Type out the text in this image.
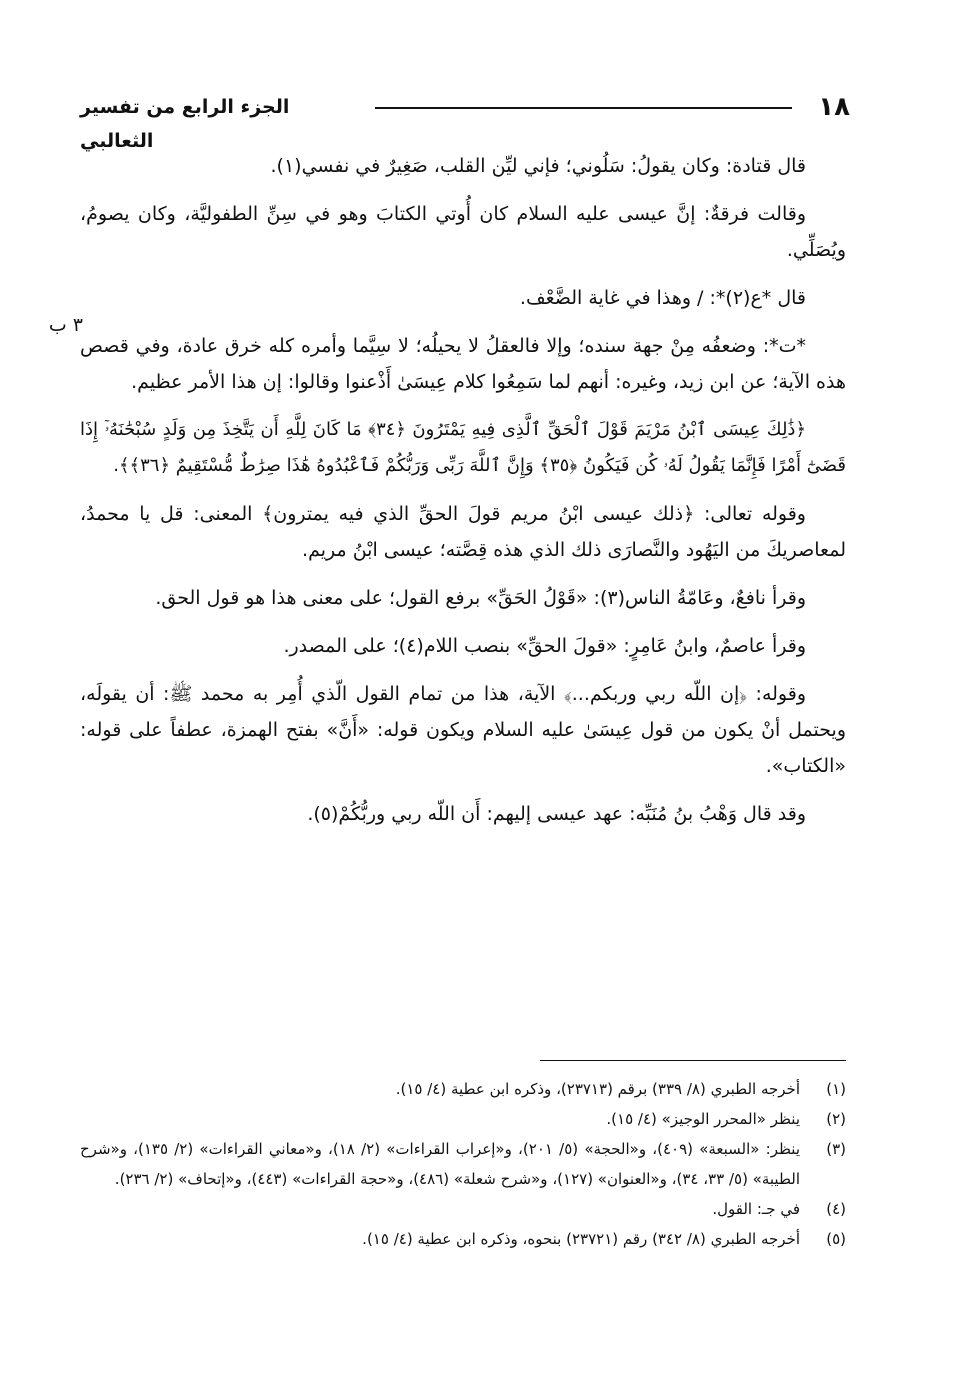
١٨
الجزء الرابع من تفسير الثعالبي
٣ ب

قال قتادة: وكان يقولُ: سَلُوني؛ فإني ليِّن القلب، صَغِيرٌ في نفسي(١).

وقالت فرقةٌ: إنَّ عيسى عليه السلام كان أُوتي الكتابَ وهو في سِنِّ الطفوليَّة، وكان يصومُ، ويُصَلِّي.

قال *ع(٢)*: / وهذا في غاية الضَّعْف.

*ت*: وضعفُه مِنْ جهة سنده؛ وإلا فالعقلُ لا يحيلُه؛ لا سِيَّما وأمره كله خرق عادة، وفي قصص هذه الآية؛ عن ابن زيد، وغيره: أنهم لما سَمِعُوا كلام عِيسَىٰ أَذْعنوا وقالوا: إن هذا الأمر عظيم.

﴿ذَٰلِكَ عِيسَى ٱبْنُ مَرْيَمَ قَوْلَ ٱلْحَقِّ ٱلَّذِى فِيهِ يَمْتَرُونَ ﴿٣٤﴾ مَا كَانَ لِلَّهِ أَن يَتَّخِذَ مِن وَلَدٍ سُبْحَٰنَهُۥٓ إِذَا قَضَىٰٓ أَمْرًا فَإِنَّمَا يَقُولُ لَهُۥ كُن فَيَكُونُ ﴿٣٥﴾ وَإِنَّ ٱللَّهَ رَبِّى وَرَبُّكُمْ فَٱعْبُدُوهُ هَٰذَا صِرَٰطٌ مُّسْتَقِيمٌ ﴿٣٦﴾﴾.

وقوله تعالى: ﴿ذلك عيسى ابْنُ مريم قولَ الحقِّ الذي فيه يمترون﴾ المعنى: قل يا محمدُ، لمعاصريكَ من اليَهُود والنَّصارَى ذلك الذي هذه قِصَّته؛ عيسى ابْنُ مريم.

وقرأ نافعٌ، وعَامّةُ الناس(٣): «قَوْلُ الحَقِّ» برفع القول؛ على معنى هذا هو قول الحق.

وقرأ عاصمٌ، وابنُ عَامِرٍ: «قولَ الحقِّ» بنصب اللام(٤)؛ على المصدر.

وقوله: ﴿إن اللّه ربي وربكم...﴾ الآية، هذا من تمام القول الّذي أُمِر به محمد ﷺ: أن يقولَه، ويحتمل أنْ يكون من قول عِيسَىٰ عليه السلام ويكون قوله: «أَنَّ» بفتح الهمزة، عطفاً على قوله: «الكتاب».

وقد قال وَهْبُ بنُ مُنَبِّه: عهد عيسى إليهم: أَن اللّه ربي وربُّكُمْ(٥).

(١)
أخرجه الطبري (٨/ ٣٣٩) برقم (٢٣٧١٣)، وذكره ابن عطية (٤/ ١٥).
(٢)
ينظر «المحرر الوجيز» (٤/ ١٥).
(٣)
ينظر: «السبعة» (٤٠٩)، و«الحجة» (٥/ ٢٠١)، و«إعراب القراءات» (٢/ ١٨)، و«معاني القراءات» (٢/ ١٣٥)، و«شرح الطيبة» (٥/ ٣٣، ٣٤)، و«العنوان» (١٢٧)، و«شرح شعلة» (٤٨٦)، و«حجة القراءات» (٤٤٣)، و«إتحاف» (٢/ ٢٣٦).
(٤)
في جـ: القول.
(٥)
أخرجه الطبري (٨/ ٣٤٢) رقم (٢٣٧٢١) بنحوه، وذكره ابن عطية (٤/ ١٥).
